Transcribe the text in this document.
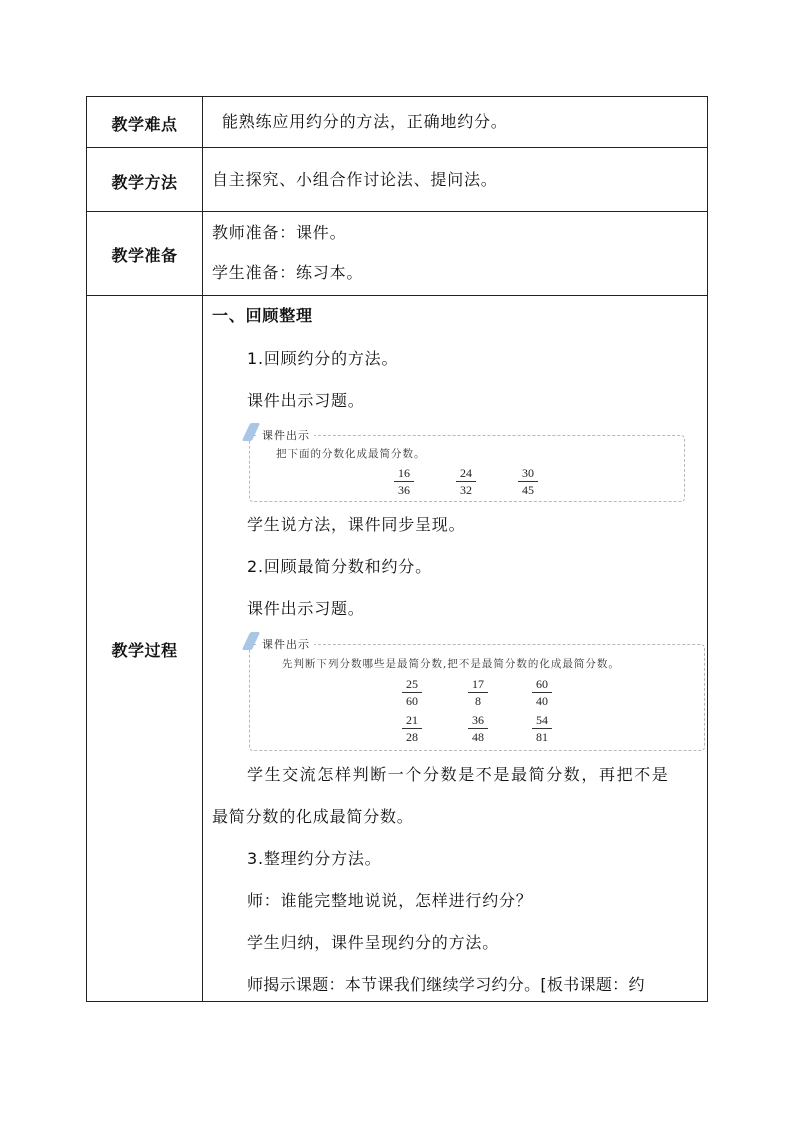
教学难点	能熟练应用约分的方法，正确地约分。
教学方法	自主探究、小组合作讨论法、提问法。
教学准备
教师准备：课件。
学生准备：练习本。
教学过程
一、回顾整理
1.回顾约分的方法。
课件出示习题。
课件出示
把下面的分数化成最简分数。
16
36
24
32
30
45
学生说方法，课件同步呈现。
2.回顾最简分数和约分。
课件出示习题。
课件出示
先判断下列分数哪些是最简分数,把不是最简分数的化成最简分数。
25
60
17
8
60
40
21
28
36
48
54
81
学生交流怎样判断一个分数是不是最简分数，再把不是
最简分数的化成最简分数。
3.整理约分方法。
师：谁能完整地说说，怎样进行约分？
学生归纳，课件呈现约分的方法。
师揭示课题：本节课我们继续学习约分。[板书课题：约
